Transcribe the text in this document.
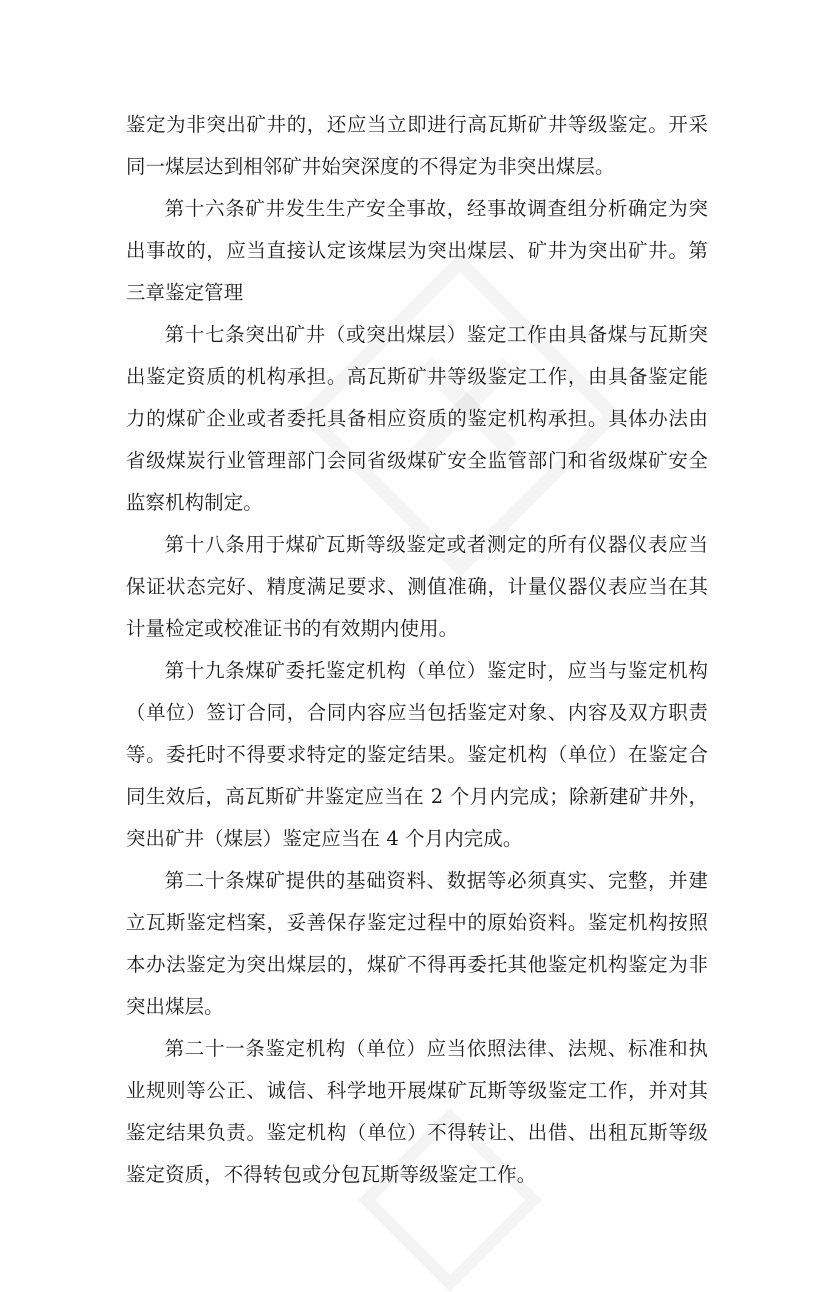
鉴定为非突出矿井的，还应当立即进行高瓦斯矿井等级鉴定。开采同一煤层达到相邻矿井始突深度的不得定为非突出煤层。

第十六条矿井发生生产安全事故，经事故调查组分析确定为突出事故的，应当直接认定该煤层为突出煤层、矿井为突出矿井。第三章鉴定管理

第十七条突出矿井（或突出煤层）鉴定工作由具备煤与瓦斯突出鉴定资质的机构承担。高瓦斯矿井等级鉴定工作，由具备鉴定能力的煤矿企业或者委托具备相应资质的鉴定机构承担。具体办法由省级煤炭行业管理部门会同省级煤矿安全监管部门和省级煤矿安全监察机构制定。

第十八条用于煤矿瓦斯等级鉴定或者测定的所有仪器仪表应当保证状态完好、精度满足要求、测值准确，计量仪器仪表应当在其计量检定或校准证书的有效期内使用。

第十九条煤矿委托鉴定机构（单位）鉴定时，应当与鉴定机构（单位）签订合同，合同内容应当包括鉴定对象、内容及双方职责等。委托时不得要求特定的鉴定结果。鉴定机构（单位）在鉴定合同生效后，高瓦斯矿井鉴定应当在 2 个月内完成；除新建矿井外，突出矿井（煤层）鉴定应当在 4 个月内完成。

第二十条煤矿提供的基础资料、数据等必须真实、完整，并建立瓦斯鉴定档案，妥善保存鉴定过程中的原始资料。鉴定机构按照本办法鉴定为突出煤层的，煤矿不得再委托其他鉴定机构鉴定为非突出煤层。

第二十一条鉴定机构（单位）应当依照法律、法规、标准和执业规则等公正、诚信、科学地开展煤矿瓦斯等级鉴定工作，并对其鉴定结果负责。鉴定机构（单位）不得转让、出借、出租瓦斯等级鉴定资质，不得转包或分包瓦斯等级鉴定工作。
